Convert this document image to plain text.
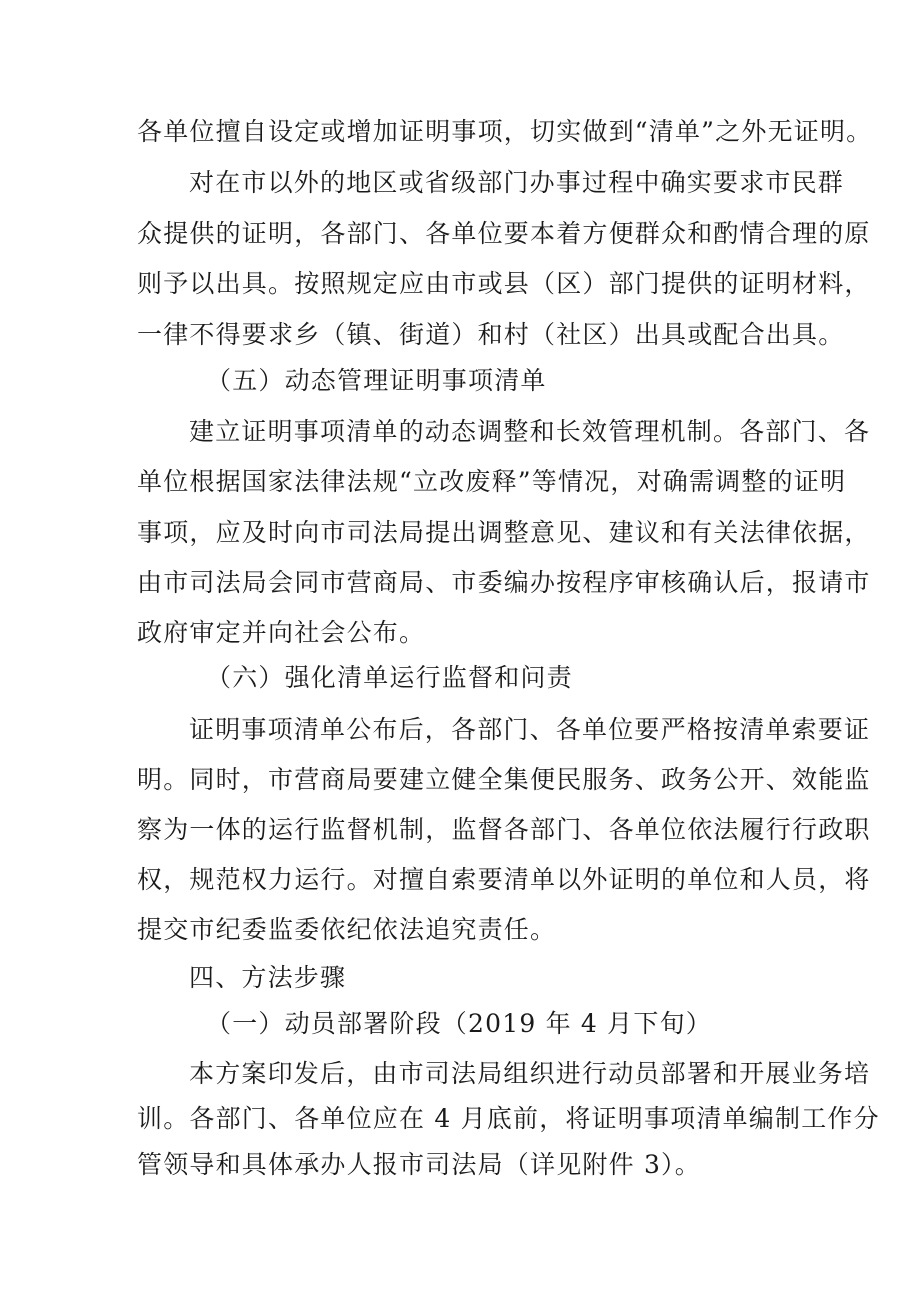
各单位擅自设定或增加证明事项，切实做到“清单”之外无证明。
对在市以外的地区或省级部门办事过程中确实要求市民群
众提供的证明，各部门、各单位要本着方便群众和酌情合理的原
则予以出具。按照规定应由市或县（区）部门提供的证明材料，
一律不得要求乡（镇、街道）和村（社区）出具或配合出具。
（五）动态管理证明事项清单
建立证明事项清单的动态调整和长效管理机制。各部门、各
单位根据国家法律法规“立改废释”等情况，对确需调整的证明
事项，应及时向市司法局提出调整意见、建议和有关法律依据，
由市司法局会同市营商局、市委编办按程序审核确认后，报请市
政府审定并向社会公布。
（六）强化清单运行监督和问责
证明事项清单公布后，各部门、各单位要严格按清单索要证
明。同时，市营商局要建立健全集便民服务、政务公开、效能监
察为一体的运行监督机制，监督各部门、各单位依法履行行政职
权，规范权力运行。对擅自索要清单以外证明的单位和人员，将
提交市纪委监委依纪依法追究责任。
四、方法步骤
（一）动员部署阶段（2019 年 4 月下旬）
本方案印发后，由市司法局组织进行动员部署和开展业务培
训。各部门、各单位应在 4 月底前，将证明事项清单编制工作分
管领导和具体承办人报市司法局（详见附件 3）。
